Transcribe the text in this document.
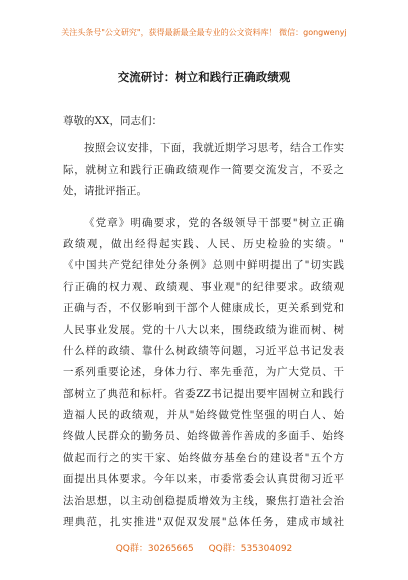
关注头条号"公文研究"，获得最新最全最专业的公文资料库！ 微信：gongwenyj
交流研讨：树立和践行正确政绩观
尊敬的XX，同志们：
按照会议安排，下面，我就近期学习思考，结合工作实
际，就树立和践行正确政绩观作一简要交流发言，不妥之
处，请批评指正。
《党章》明确要求，党的各级领导干部要"树立正确
政绩观，做出经得起实践、人民、历史检验的实绩。"
《中国共产党纪律处分条例》总则中鲜明提出了"切实践
行正确的权力观、政绩观、事业观"的纪律要求。政绩观
正确与否，不仅影响到干部个人健康成长，更关系到党和
人民事业发展。党的十八大以来，围绕政绩为谁而树、树
什么样的政绩、靠什么树政绩等问题，习近平总书记发表
一系列重要论述，身体力行、率先垂范，为广大党员、干
部树立了典范和标杆。省委ZZ书记提出要牢固树立和践行
造福人民的政绩观，并从"始终做党性坚强的明白人、始
终做人民群众的勤务员、始终做善作善成的多面手、始终
做起而行之的实干家、始终做夯基垒台的建设者"五个方
面提出具体要求。今年以来，市委常委会认真贯彻习近平
法治思想，以主动创稳提质增效为主线，聚焦打造社会治
理典范，扎实推进"双促双发展"总体任务，建成市域社
QQ群：30265665 QQ群：535304092
